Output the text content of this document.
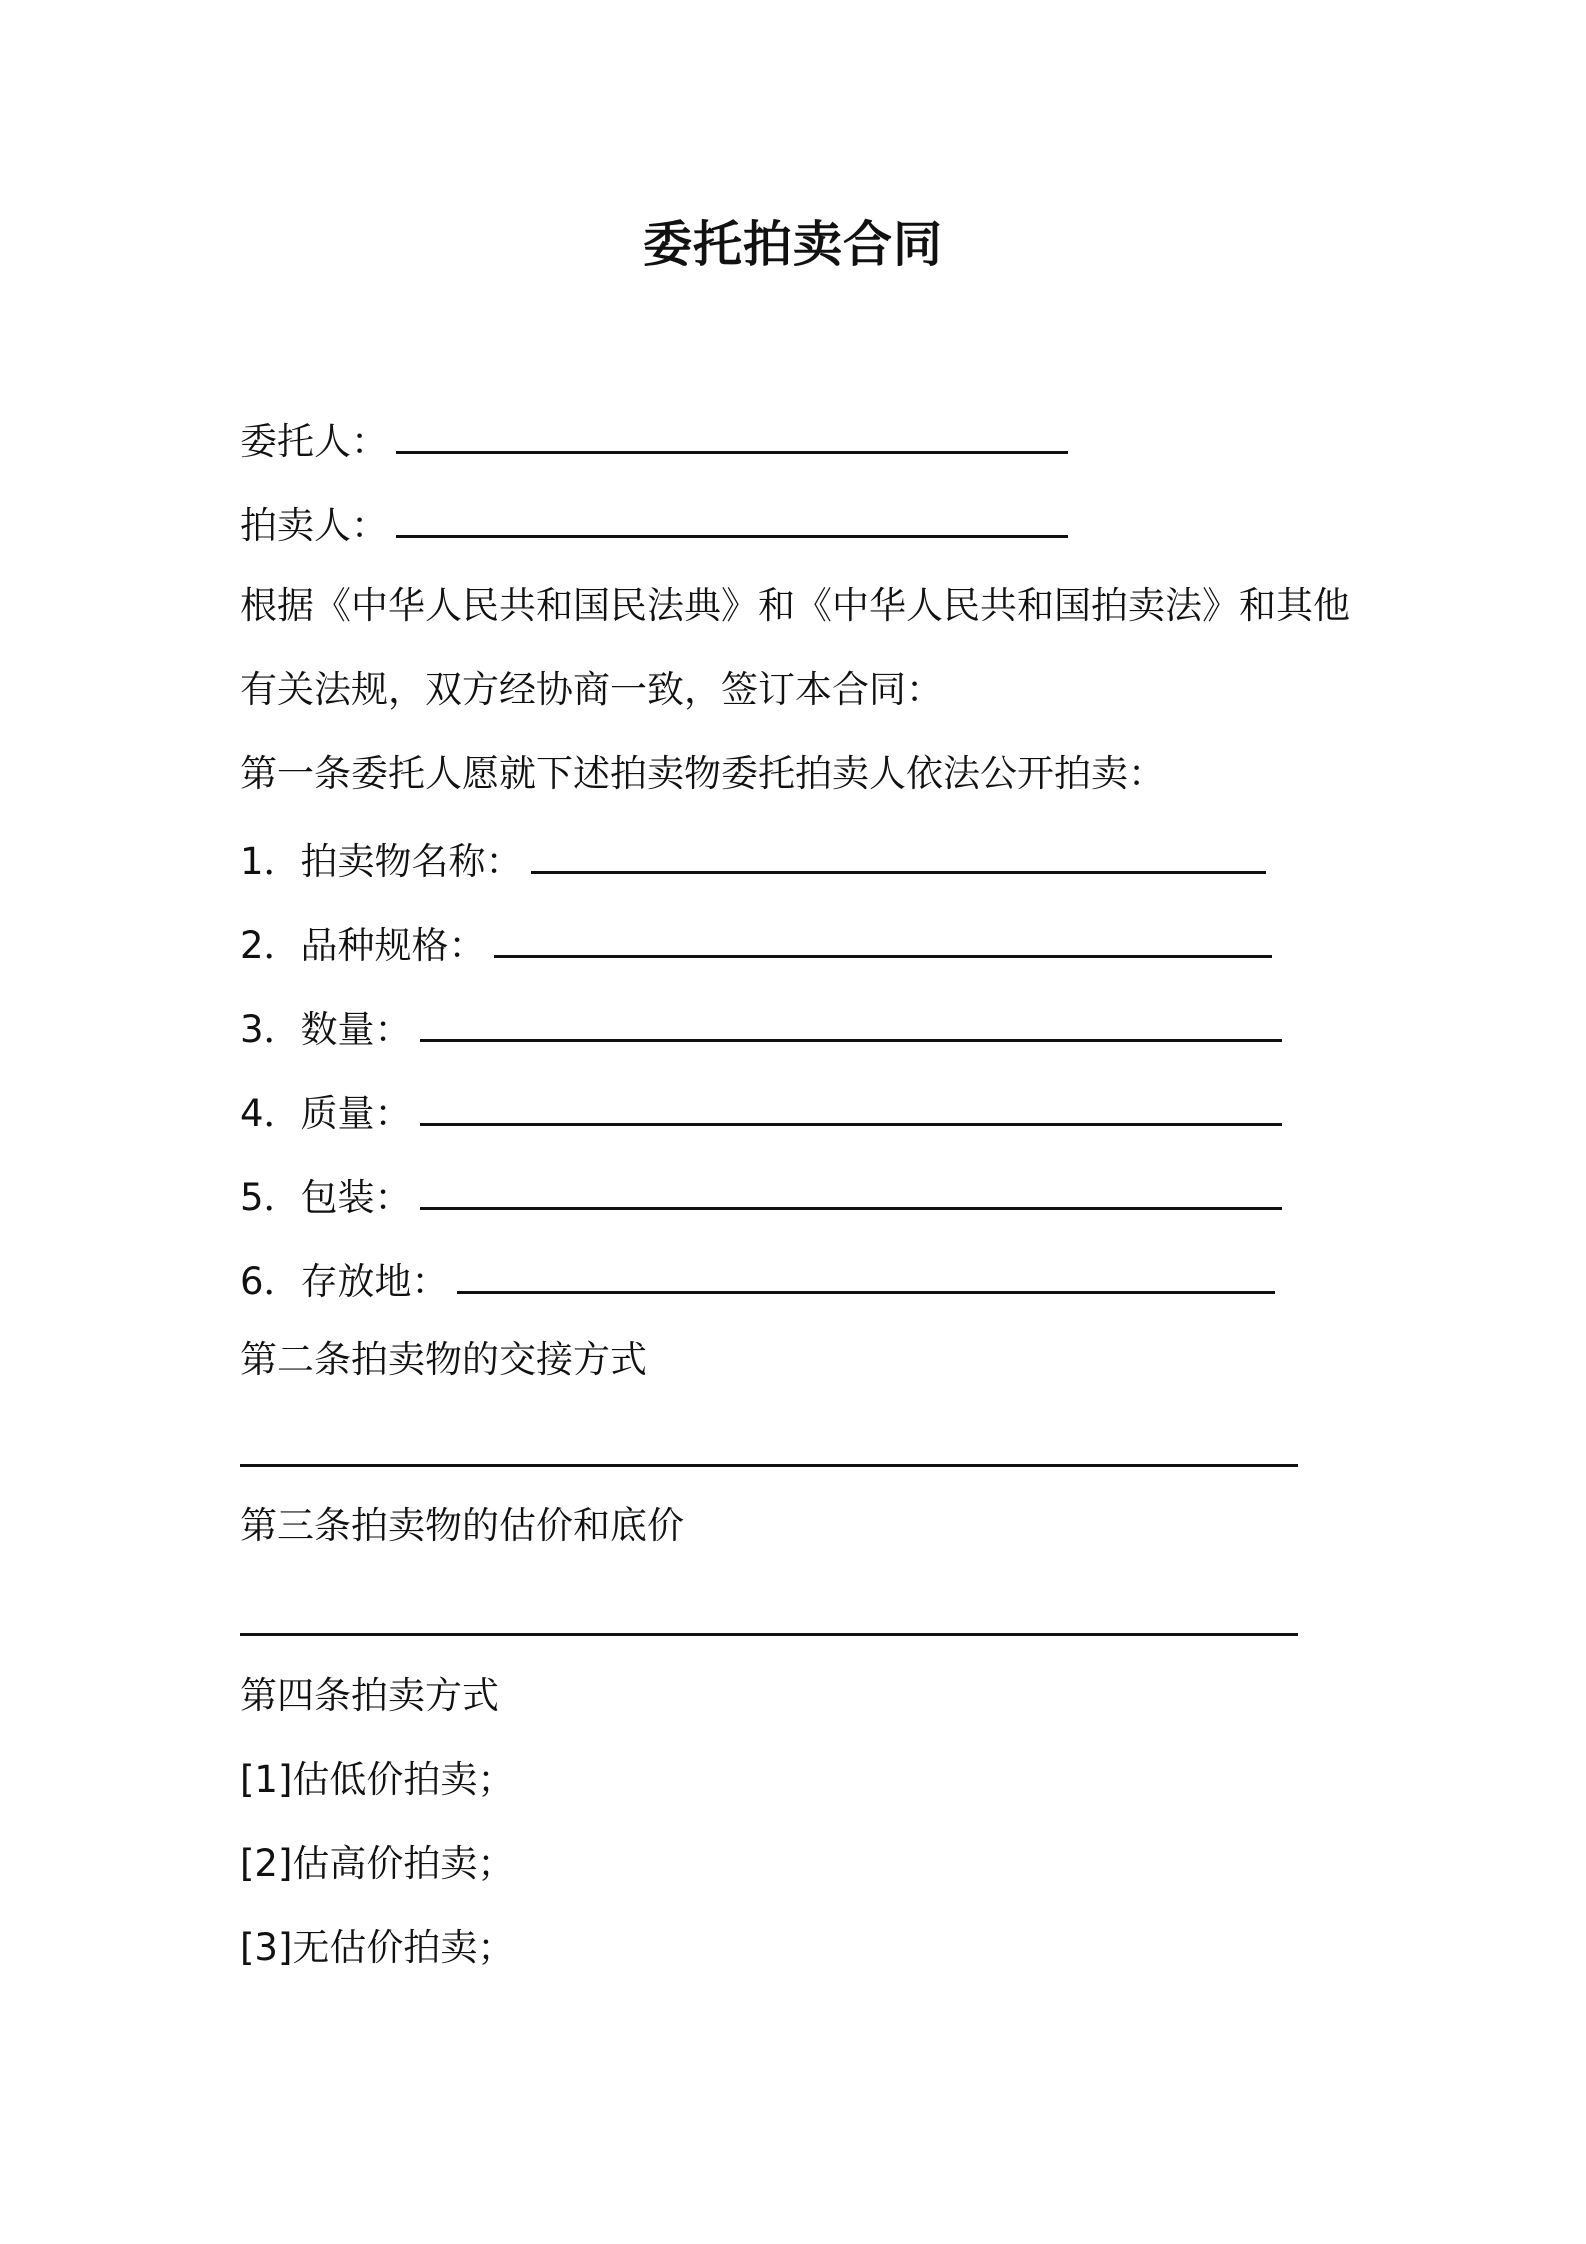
委托拍卖合同
委托人：
拍卖人：
根据《中华人民共和国民法典》和《中华人民共和国拍卖法》和其他
有关法规，双方经协商一致，签订本合同：
第一条委托人愿就下述拍卖物委托拍卖人依法公开拍卖：
1．拍卖物名称：
2．品种规格：
3．数量：
4．质量：
5．包装：
6．存放地：
第二条拍卖物的交接方式
第三条拍卖物的估价和底价
第四条拍卖方式
[1]估低价拍卖；
[2]估高价拍卖；
[3]无估价拍卖；
